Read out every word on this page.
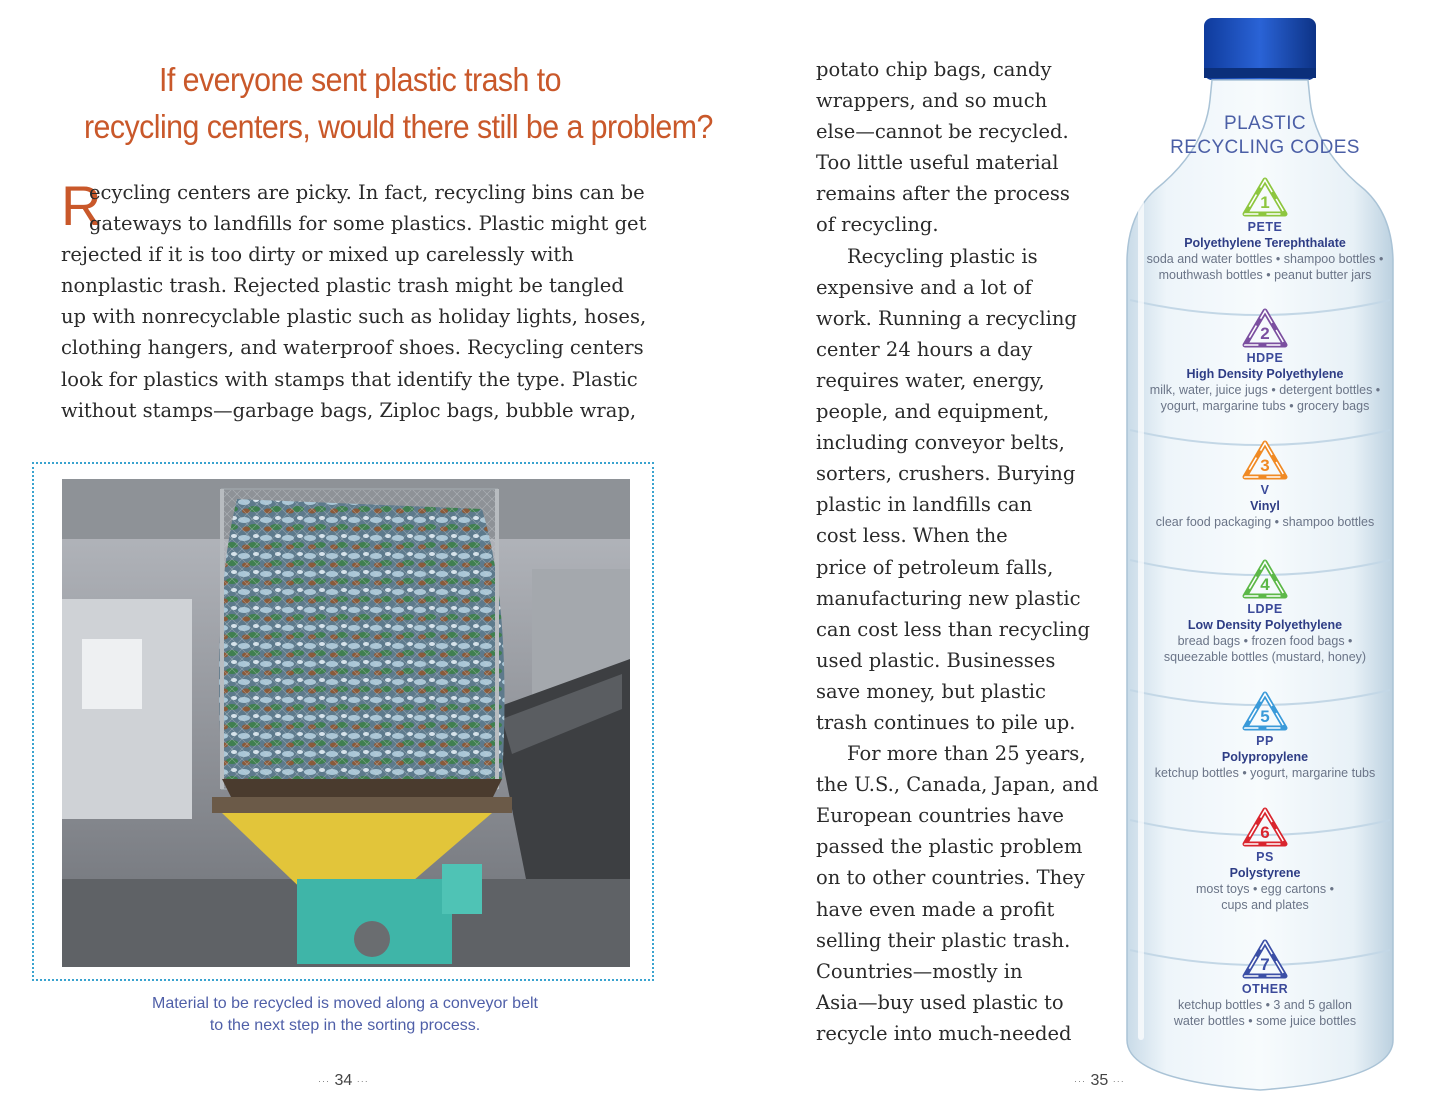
If everyone sent plastic trash to
recycling centers, would there still be a problem?
R
ecycling centers are picky. In fact, recycling bins can be
gateways to landfills for some plastics. Plastic might get
rejected if it is too dirty or mixed up carelessly with
nonplastic trash. Rejected plastic trash might be tangled
up with nonrecyclable plastic such as holiday lights, hoses,
clothing hangers, and waterproof shoes. Recycling centers
look for plastics with stamps that identify the type. Plastic
without stamps—garbage bags, Ziploc bags, bubble wrap,
Material to be recycled is moved along a conveyor belt
to the next step in the sorting process.
··· 34 ···
potato chip bags, candy
wrappers, and so much
else—cannot be recycled.
Too little useful material
remains after the process
of recycling.
Recycling plastic is
expensive and a lot of
work. Running a recycling
center 24 hours a day
requires water, energy,
people, and equipment,
including conveyor belts,
sorters, crushers. Burying
plastic in landfills can
cost less. When the
price of petroleum falls,
manufacturing new plastic
can cost less than recycling
used plastic. Businesses
save money, but plastic
trash continues to pile up.
For more than 25 years,
the U.S., Canada, Japan, and
European countries have
passed the plastic problem
on to other countries. They
have even made a profit
selling their plastic trash.
Countries—mostly in
Asia—buy used plastic to
recycle into much-needed
··· 35 ···
PLASTIC
RECYCLING CODES
1
PETE
Polyethylene Terephthalate
soda and water bottles • shampoo bottles •
mouthwash bottles • peanut butter jars
2
HDPE
High Density Polyethylene
milk, water, juice jugs • detergent bottles •
yogurt, margarine tubs • grocery bags
3
V
Vinyl
clear food packaging • shampoo bottles
4
LDPE
Low Density Polyethylene
bread bags • frozen food bags •
squeezable bottles (mustard, honey)
5
PP
Polypropylene
ketchup bottles • yogurt, margarine tubs
6
PS
Polystyrene
most toys • egg cartons •
cups and plates
7
OTHER
ketchup bottles • 3 and 5 gallon
water bottles • some juice bottles
